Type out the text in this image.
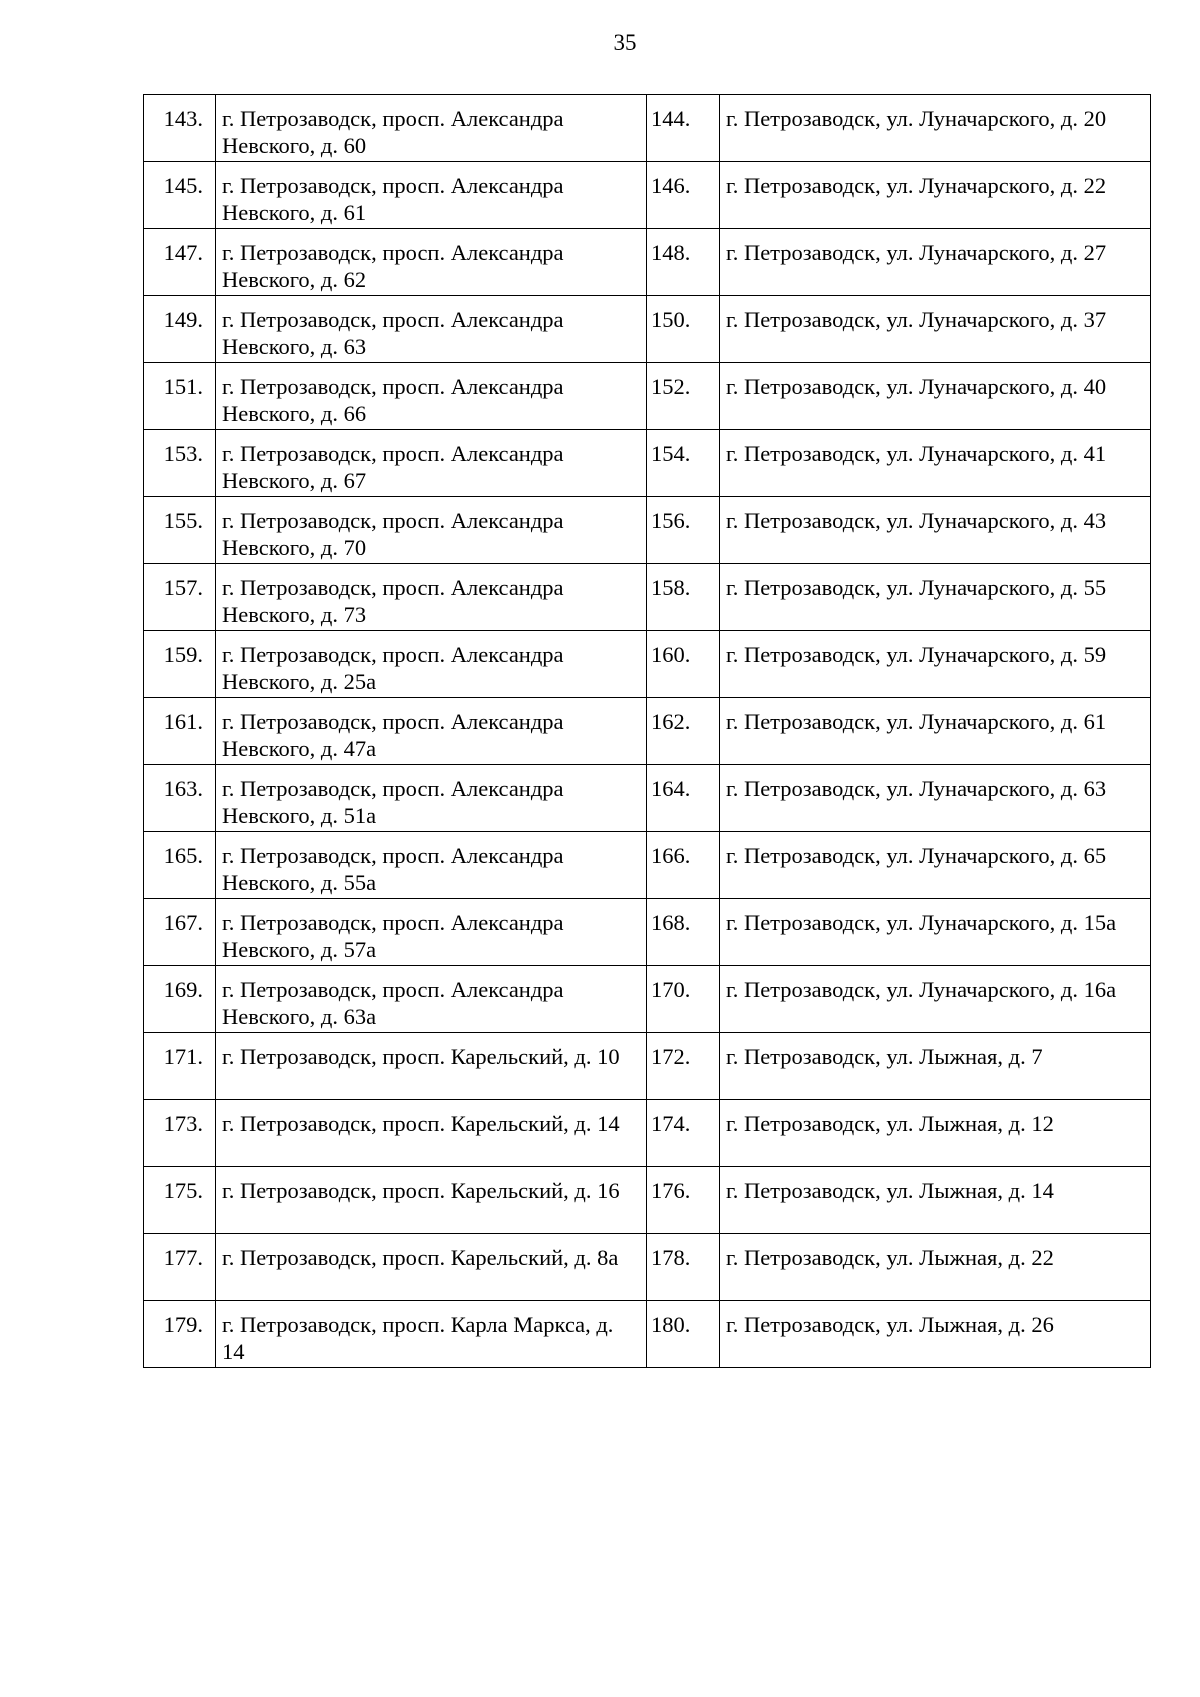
35
143.	г. Петрозаводск, просп. Александра Невского, д. 60	144.	г. Петрозаводск, ул. Луначарского, д. 20
145.	г. Петрозаводск, просп. Александра Невского, д. 61	146.	г. Петрозаводск, ул. Луначарского, д. 22
147.	г. Петрозаводск, просп. Александра Невского, д. 62	148.	г. Петрозаводск, ул. Луначарского, д. 27
149.	г. Петрозаводск, просп. Александра Невского, д. 63	150.	г. Петрозаводск, ул. Луначарского, д. 37
151.	г. Петрозаводск, просп. Александра Невского, д. 66	152.	г. Петрозаводск, ул. Луначарского, д. 40
153.	г. Петрозаводск, просп. Александра Невского, д. 67	154.	г. Петрозаводск, ул. Луначарского, д. 41
155.	г. Петрозаводск, просп. Александра Невского, д. 70	156.	г. Петрозаводск, ул. Луначарского, д. 43
157.	г. Петрозаводск, просп. Александра Невского, д. 73	158.	г. Петрозаводск, ул. Луначарского, д. 55
159.	г. Петрозаводск, просп. Александра Невского, д. 25а	160.	г. Петрозаводск, ул. Луначарского, д. 59
161.	г. Петрозаводск, просп. Александра Невского, д. 47а	162.	г. Петрозаводск, ул. Луначарского, д. 61
163.	г. Петрозаводск, просп. Александра Невского, д. 51а	164.	г. Петрозаводск, ул. Луначарского, д. 63
165.	г. Петрозаводск, просп. Александра Невского, д. 55а	166.	г. Петрозаводск, ул. Луначарского, д. 65
167.	г. Петрозаводск, просп. Александра Невского, д. 57а	168.	г. Петрозаводск, ул. Луначарского, д. 15а
169.	г. Петрозаводск, просп. Александра Невского, д. 63а	170.	г. Петрозаводск, ул. Луначарского, д. 16а
171.	г. Петрозаводск, просп. Карельский, д. 10	172.	г. Петрозаводск, ул. Лыжная, д. 7
173.	г. Петрозаводск, просп. Карельский, д. 14	174.	г. Петрозаводск, ул. Лыжная, д. 12
175.	г. Петрозаводск, просп. Карельский, д. 16	176.	г. Петрозаводск, ул. Лыжная, д. 14
177.	г. Петрозаводск, просп. Карельский, д. 8а	178.	г. Петрозаводск, ул. Лыжная, д. 22
179.	г. Петрозаводск, просп. Карла Маркса, д. 14	180.	г. Петрозаводск, ул. Лыжная, д. 26
